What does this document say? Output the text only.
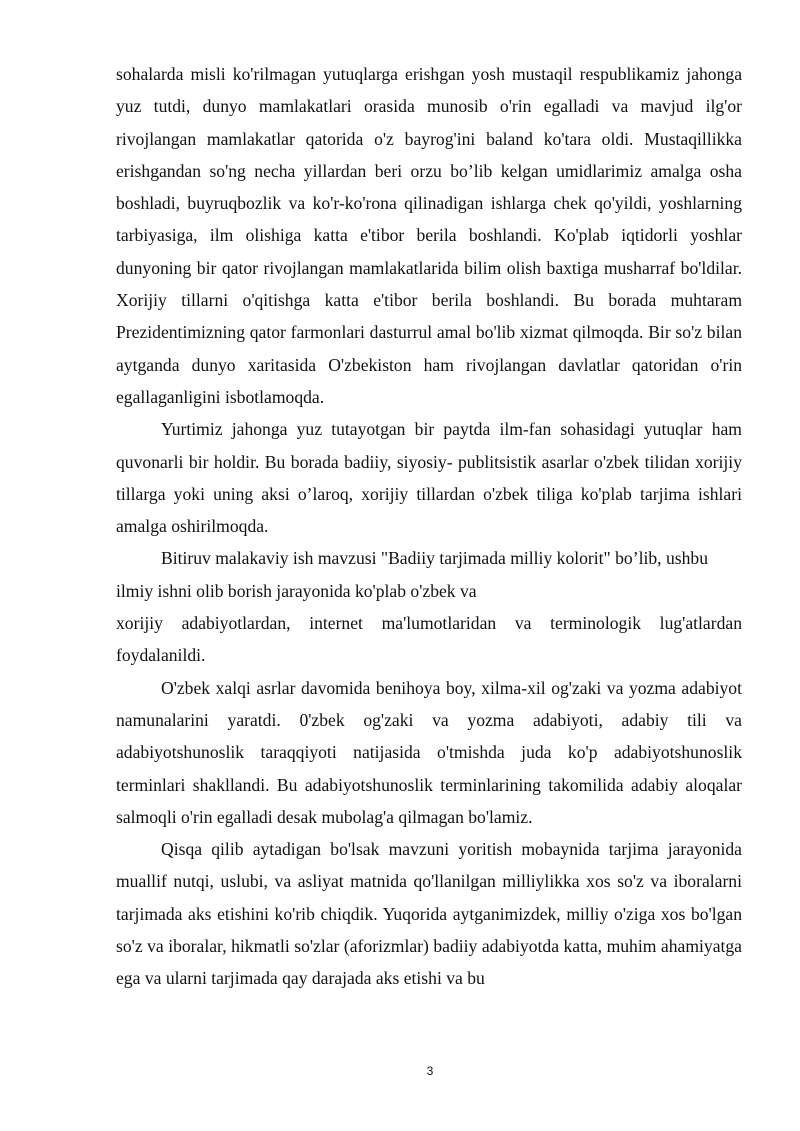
sohalarda misli ko'rilmagan yutuqlarga erishgan yosh mustaqil respublikamiz jahonga yuz tutdi, dunyo mamlakatlari orasida munosib o'rin egalladi va mavjud ilg'or rivojlangan mamlakatlar qatorida o'z bayrog'ini baland ko'tara oldi. Mustaqillikka erishgandan so'ng necha yillardan beri orzu bo’lib kelgan umidlarimiz amalga osha boshladi, buyruqbozlik va ko'r-ko'rona qilinadigan ishlarga chek qo'yildi, yoshlarning tarbiyasiga, ilm olishiga katta e'tibor berila boshlandi. Ko'plab iqtidorli yoshlar dunyoning bir qator rivojlangan mamlakatlarida bilim olish baxtiga musharraf bo'ldilar. Xorijiy tillarni o'qitishga katta e'tibor berila boshlandi. Bu borada muhtaram Prezidentimizning qator farmonlari dasturrul amal bo'lib xizmat qilmoqda. Bir so'z bilan aytganda dunyo xaritasida O'zbekiston ham rivojlangan davlatlar qatoridan o'rin egallaganligini isbotlamoqda.

Yurtimiz jahonga yuz tutayotgan bir paytda ilm-fan sohasidagi yutuqlar ham quvonarli bir holdir. Bu borada badiiy, siyosiy- publitsistik asarlar o'zbek tilidan xorijiy tillarga yoki uning aksi o’laroq, xorijiy tillardan o'zbek tiliga ko'plab tarjima ishlari amalga oshirilmoqda.

Bitiruv malakaviy ish mavzusi "Badiiy tarjimada milliy kolorit" bo’lib, ushbu ilmiy ishni olib borish jarayonida ko'plab o'zbek va

xorijiy adabiyotlardan, internet ma'lumotlaridan va terminologik lug'atlardan foydalanildi.

O'zbek xalqi asrlar davomida benihoya boy, xilma-xil og'zaki va yozma adabiyot namunalarini yaratdi. 0'zbek og'zaki va yozma adabiyoti, adabiy tili va adabiyotshunoslik taraqqiyoti natijasida o'tmishda juda ko'p adabiyotshunoslik terminlari shakllandi. Bu adabiyotshunoslik terminlarining takomilida adabiy aloqalar salmoqli o'rin egalladi desak mubolag'a qilmagan bo'lamiz.

Qisqa qilib aytadigan bo'lsak mavzuni yoritish mobaynida tarjima jarayonida muallif nutqi, uslubi, va asliyat matnida qo'llanilgan milliylikka xos so'z va iboralarni tarjimada aks etishini ko'rib chiqdik. Yuqorida aytganimizdek, milliy o'ziga xos bo'lgan so'z va iboralar, hikmatli so'zlar (aforizmlar) badiiy adabiyotda katta, muhim ahamiyatga ega va ularni tarjimada qay darajada aks etishi va bu

3
